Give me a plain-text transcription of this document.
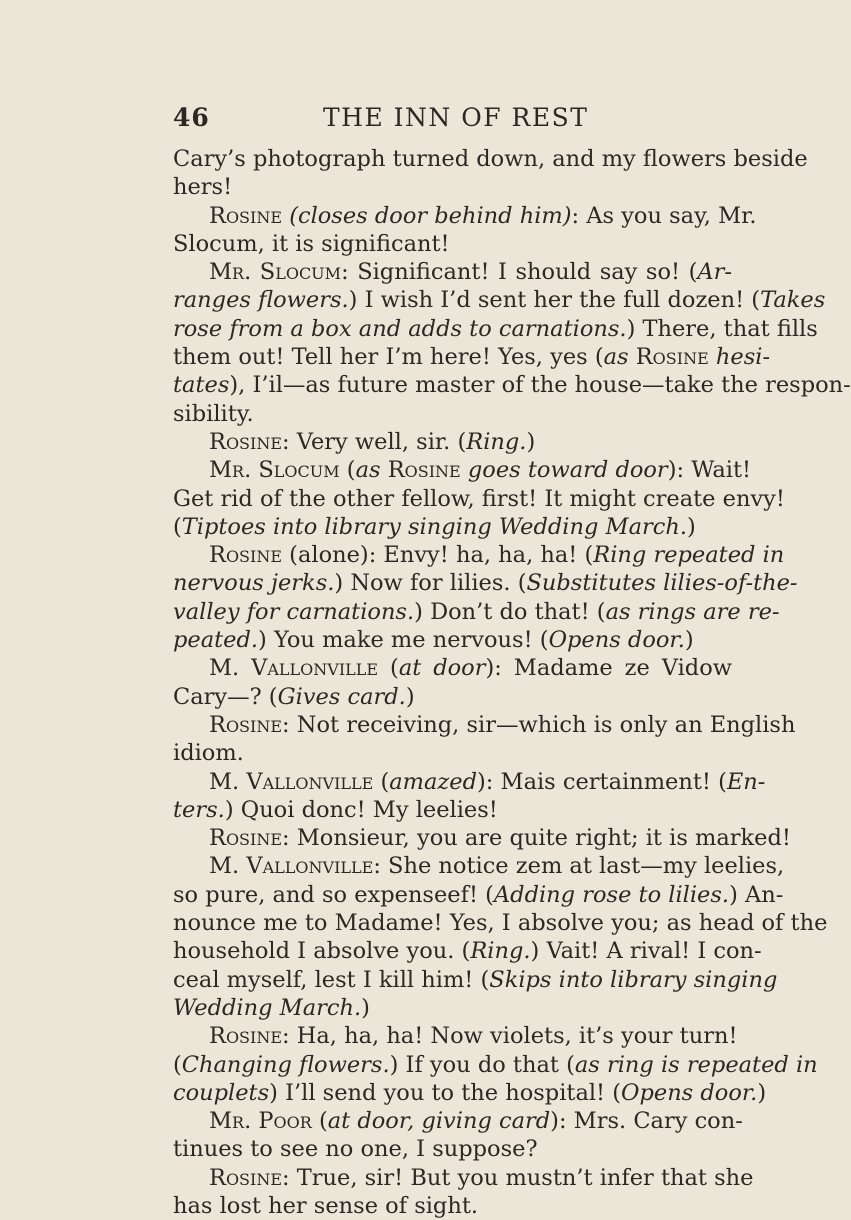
46	THE INN OF REST
Cary’s photograph turned down, and my flowers beside
hers!
Rosine (closes door behind him): As you say, Mr.
Slocum, it is significant!
Mr. Slocum: Significant! I should say so! (Ar-
ranges flowers.) I wish I’d sent her the full dozen! (Takes
rose from a box and adds to carnations.) There, that fills
them out! Tell her I’m here! Yes, yes (as Rosine hesi-
tates), I’il—as future master of the house—take the respon-
sibility.
Rosine: Very well, sir. (Ring.)
Mr. Slocum (as Rosine goes toward door): Wait!
Get rid of the other fellow, first! It might create envy!
(Tiptoes into library singing Wedding March.)
Rosine (alone): Envy! ha, ha, ha! (Ring repeated in
nervous jerks.) Now for lilies. (Substitutes lilies-of-the-
valley for carnations.) Don’t do that! (as rings are re-
peated.) You make me nervous! (Opens door.)
M. Vallonville (at door): Madame ze Vidow
Cary—? (Gives card.)
Rosine: Not receiving, sir—which is only an English
idiom.
M. Vallonville (amazed): Mais certainment! (En-
ters.) Quoi donc! My leelies!
Rosine: Monsieur, you are quite right; it is marked!
M. Vallonville: She notice zem at last—my leelies,
so pure, and so expenseef! (Adding rose to lilies.) An-
nounce me to Madame! Yes, I absolve you; as head of the
household I absolve you. (Ring.) Vait! A rival! I con-
ceal myself, lest I kill him! (Skips into library singing
Wedding March.)
Rosine: Ha, ha, ha! Now violets, it’s your turn!
(Changing flowers.) If you do that (as ring is repeated in
couplets) I’ll send you to the hospital! (Opens door.)
Mr. Poor (at door, giving card): Mrs. Cary con-
tinues to see no one, I suppose?
Rosine: True, sir! But you mustn’t infer that she
has lost her sense of sight.
